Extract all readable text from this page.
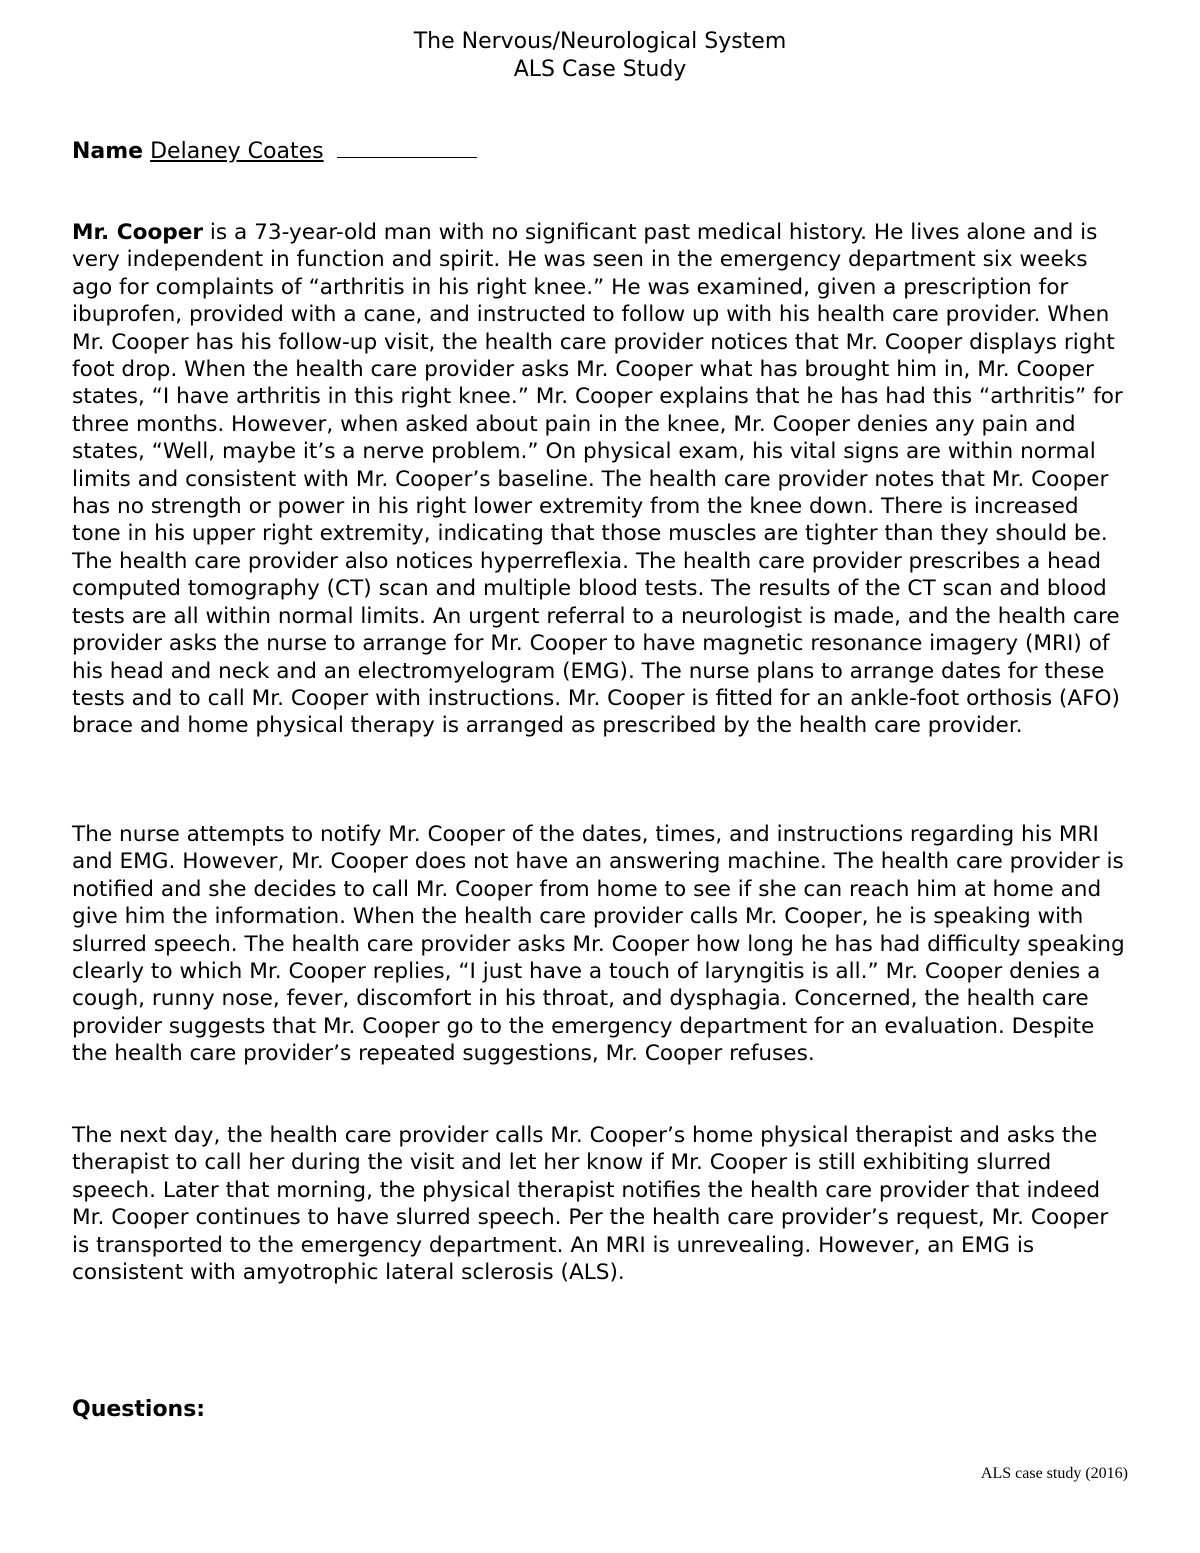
The Nervous/Neurological System
ALS Case Study
Name Delaney Coates

Mr. Cooper is a 73-year-old man with no significant past medical history. He lives alone and is very independent in function and spirit. He was seen in the emergency department six weeks ago for complaints of “arthritis in his right knee.” He was examined, given a prescription for ibuprofen, provided with a cane, and instructed to follow up with his health care provider. When Mr. Cooper has his follow-up visit, the health care provider notices that Mr. Cooper displays right foot drop. When the health care provider asks Mr. Cooper what has brought him in, Mr. Cooper states, “I have arthritis in this right knee.” Mr. Cooper explains that he has had this “arthritis” for three months. However, when asked about pain in the knee, Mr. Cooper denies any pain and states, “Well, maybe it’s a nerve problem.” On physical exam, his vital signs are within normal limits and consistent with Mr. Cooper’s baseline. The health care provider notes that Mr. Cooper has no strength or power in his right lower extremity from the knee down. There is increased tone in his upper right extremity, indicating that those muscles are tighter than they should be. The health care provider also notices hyperreflexia. The health care provider prescribes a head computed tomography (CT) scan and multiple blood tests. The results of the CT scan and blood tests are all within normal limits. An urgent referral to a neurologist is made, and the health care provider asks the nurse to arrange for Mr. Cooper to have magnetic resonance imagery (MRI) of his head and neck and an electromyelogram (EMG). The nurse plans to arrange dates for these tests and to call Mr. Cooper with instructions. Mr. Cooper is fitted for an ankle-foot orthosis (AFO) brace and home physical therapy is arranged as prescribed by the health care provider.

The nurse attempts to notify Mr. Cooper of the dates, times, and instructions regarding his MRI and EMG. However, Mr. Cooper does not have an answering machine. The health care provider is notified and she decides to call Mr. Cooper from home to see if she can reach him at home and give him the information. When the health care provider calls Mr. Cooper, he is speaking with slurred speech. The health care provider asks Mr. Cooper how long he has had difficulty speaking clearly to which Mr. Cooper replies, “I just have a touch of laryngitis is all.” Mr. Cooper denies a cough, runny nose, fever, discomfort in his throat, and dysphagia. Concerned, the health care provider suggests that Mr. Cooper go to the emergency department for an evaluation. Despite the health care provider’s repeated suggestions, Mr. Cooper refuses.

The next day, the health care provider calls Mr. Cooper’s home physical therapist and asks the therapist to call her during the visit and let her know if Mr. Cooper is still exhibiting slurred speech. Later that morning, the physical therapist notifies the health care provider that indeed Mr. Cooper continues to have slurred speech. Per the health care provider’s request, Mr. Cooper is transported to the emergency department. An MRI is unrevealing. However, an EMG is consistent with amyotrophic lateral sclerosis (ALS).

Questions:
ALS case study (2016)
